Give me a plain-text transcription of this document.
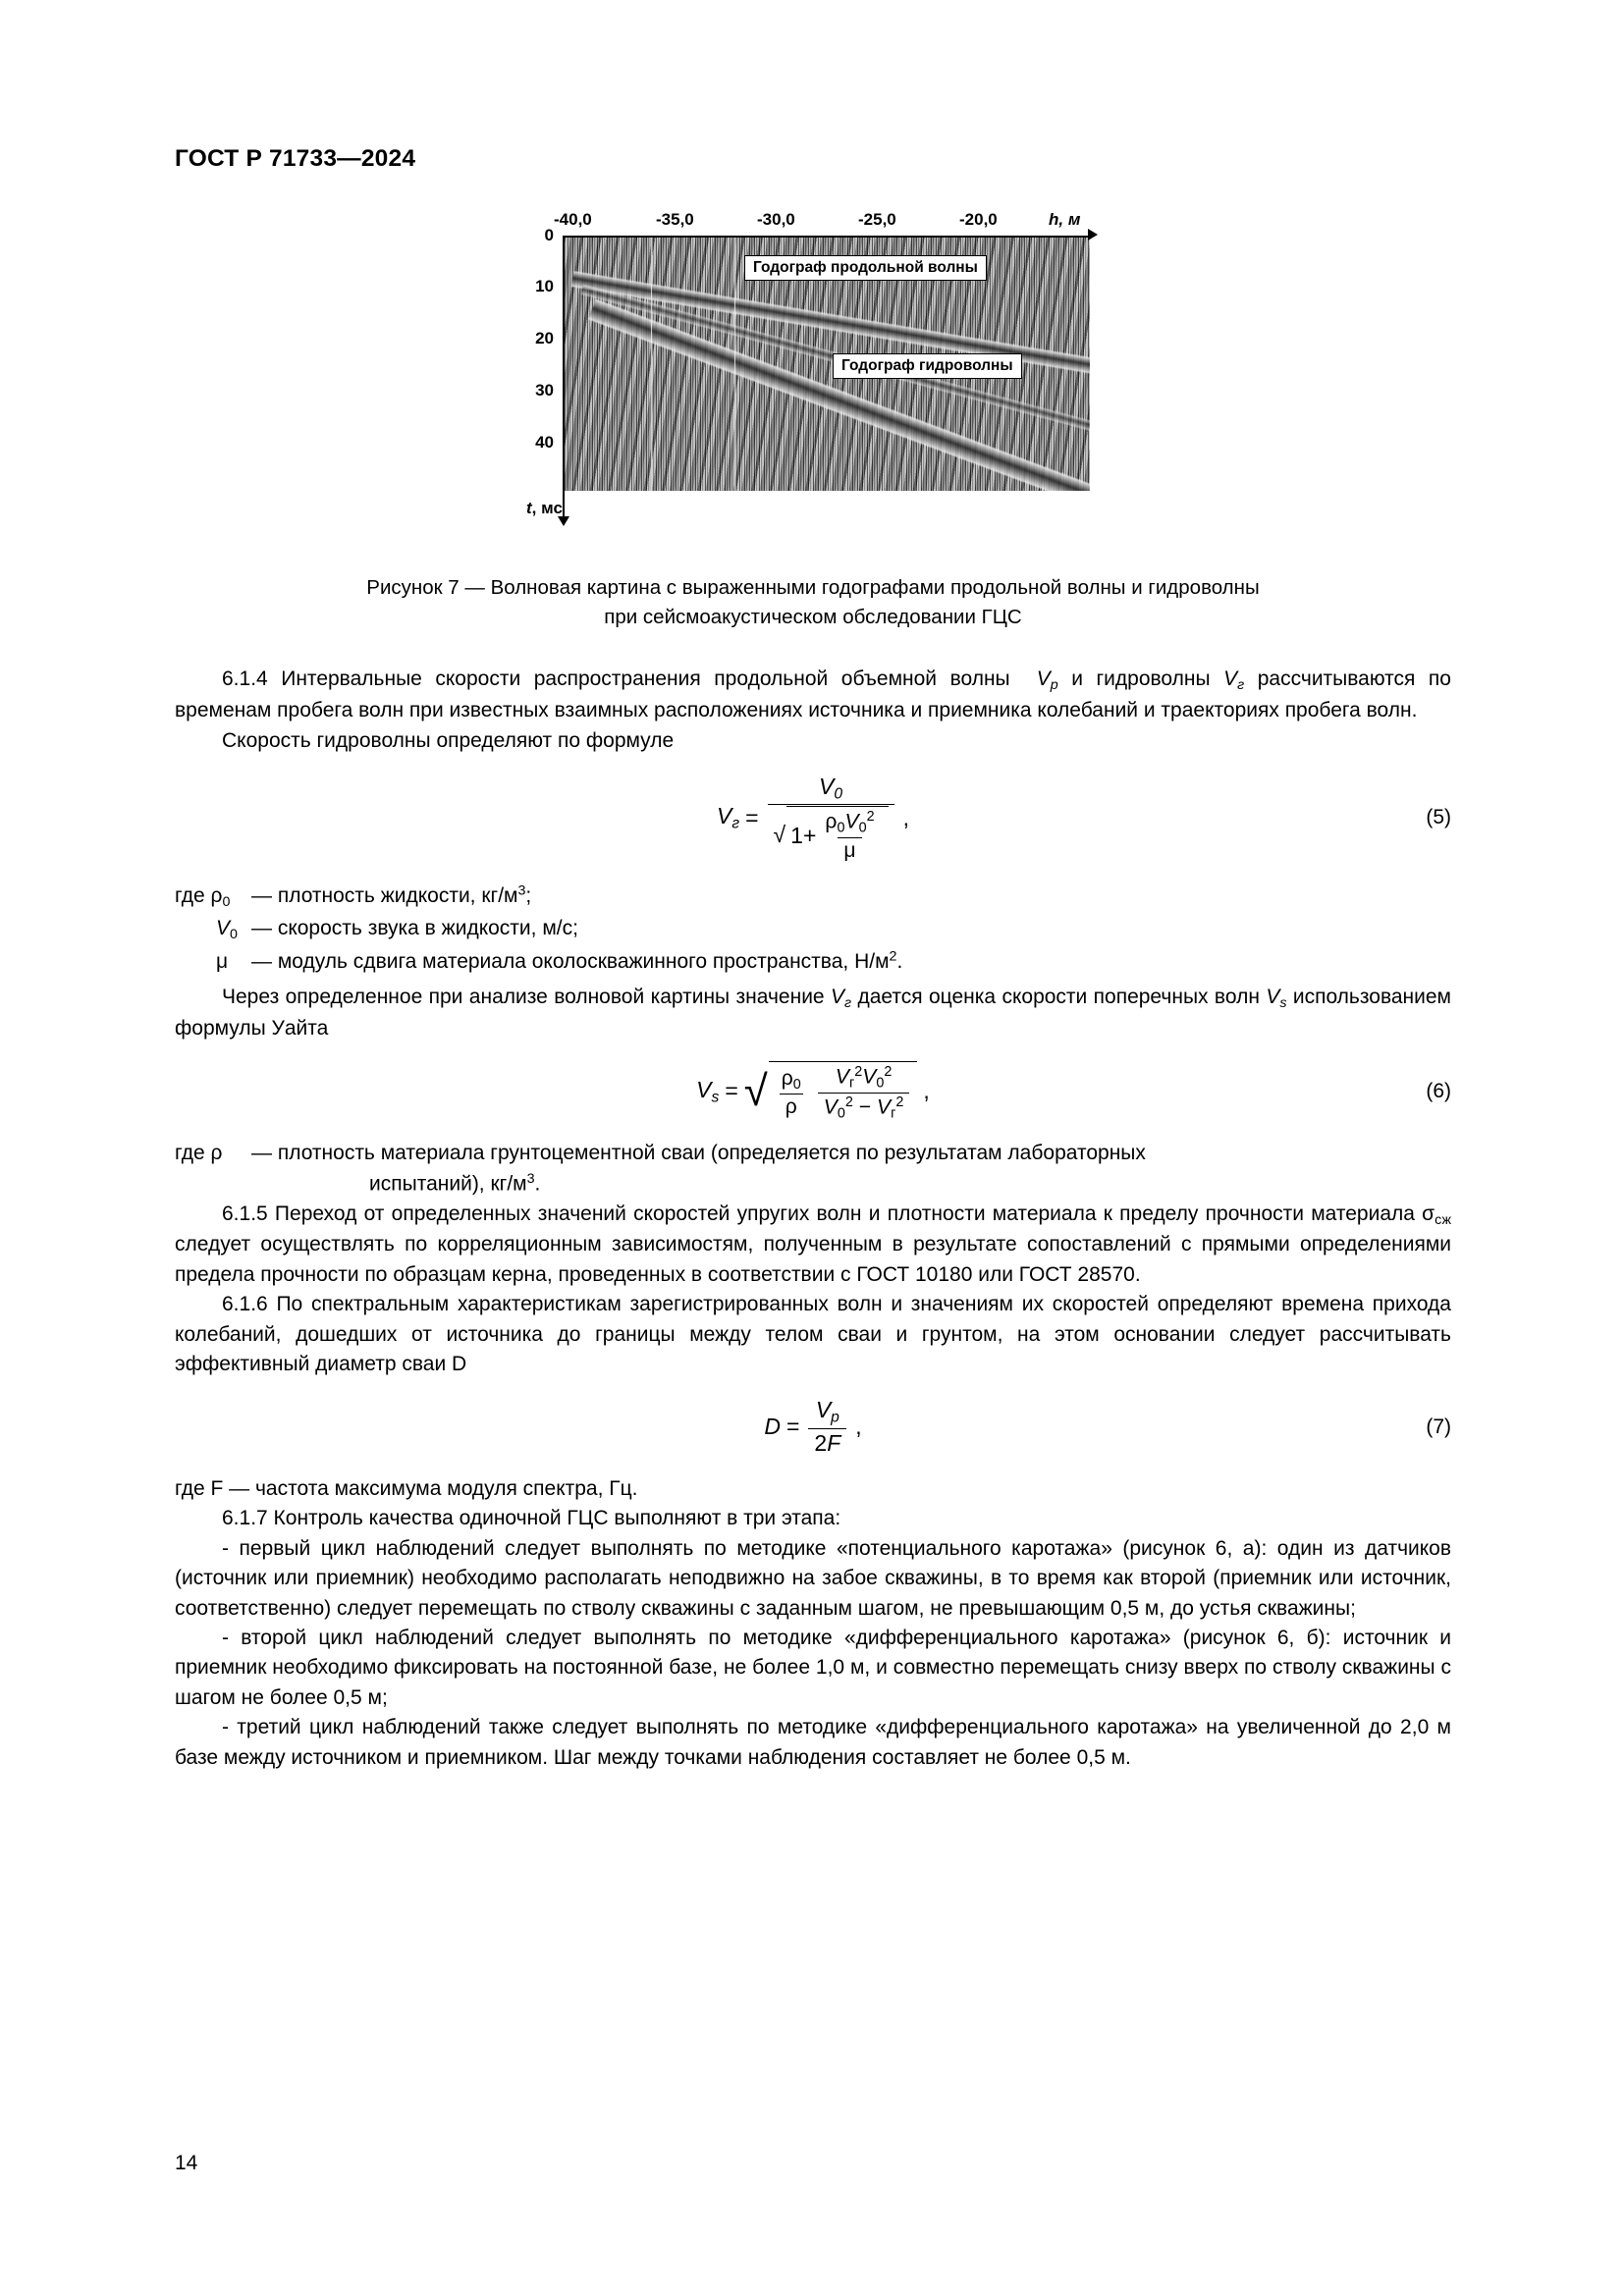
ГОСТ Р 71733—2024
-40,0	-35,0	-30,0	-25,0	-20,0	h, м
Годограф продольной волны
Годограф гидроволны
0
10
20
30
40
t, мс
Рисунок 7 — Волновая картина с выраженными годографами продольной волны и гидроволны
при сейсмоакустическом обследовании ГЦС

6.1.4 Интервальные скорости распространения продольной объемной волны $V_p$ и гидроволны $V_г$ рассчитываются по временам пробега волн при известных взаимных расположениях источника и приемника колебаний и траекториях пробега волн.

Скорость гидроволны определяют по формуле

$V_г$ =
$V_0$
√ $1+ \frac{\rho_0V_0^2}{\mu}$ ,	(5)
где $\rho_0$	— плотность жидкости, $кг/м^3$;
$V_0$ — скорость звука в жидкости, м/с;
μ	— модуль сдвига материала околоскважинного пространства, $Н/м^2$.

Через определенное при анализе волновой картины значение $V_г$ дается оценка скорости поперечных волн $V_s$ использованием формулы Уайта

$V_s$ = √ $\frac{\rho_0}{\rho} \frac{V_г^2V_0^2}{V_0^2 - V_г^2}$ ,	(6)
где ρ	— плотность материала грунтоцементной сваи (определяется по результатам лабораторных
испытаний), $кг/м^3$.

6.1.5 Переход от определенных значений скоростей упругих волн и плотности материала к пределу прочности материала $\sigma_{сж}$ следует осуществлять по корреляционным зависимостям, полученным в результате сопоставлений с прямыми определениями предела прочности по образцам керна, проведенных в соответствии с ГОСТ 10180 или ГОСТ 28570.

6.1.6 По спектральным характеристикам зарегистрированных волн и значениям их скоростей определяют времена прихода колебаний, дошедших от источника до границы между телом сваи и грунтом, на этом основании следует рассчитывать эффективный диаметр сваи D

$D = \frac{V_p}{2F}$ ,	(7)

где F — частота максимума модуля спектра, Гц.

6.1.7 Контроль качества одиночной ГЦС выполняют в три этапа:

- первый цикл наблюдений следует выполнять по методике «потенциального каротажа» (рисунок 6, а): один из датчиков (источник или приемник) необходимо располагать неподвижно на забое скважины, в то время как второй (приемник или источник, соответственно) следует перемещать по стволу скважины с заданным шагом, не превышающим 0,5 м, до устья скважины;

- второй цикл наблюдений следует выполнять по методике «дифференциального каротажа» (рисунок 6, б): источник и приемник необходимо фиксировать на постоянной базе, не более 1,0 м, и совместно перемещать снизу вверх по стволу скважины с шагом не более 0,5 м;

- третий цикл наблюдений также следует выполнять по методике «дифференциального каротажа» на увеличенной до 2,0 м базе между источником и приемником. Шаг между точками наблюдения составляет не более 0,5 м.

14
